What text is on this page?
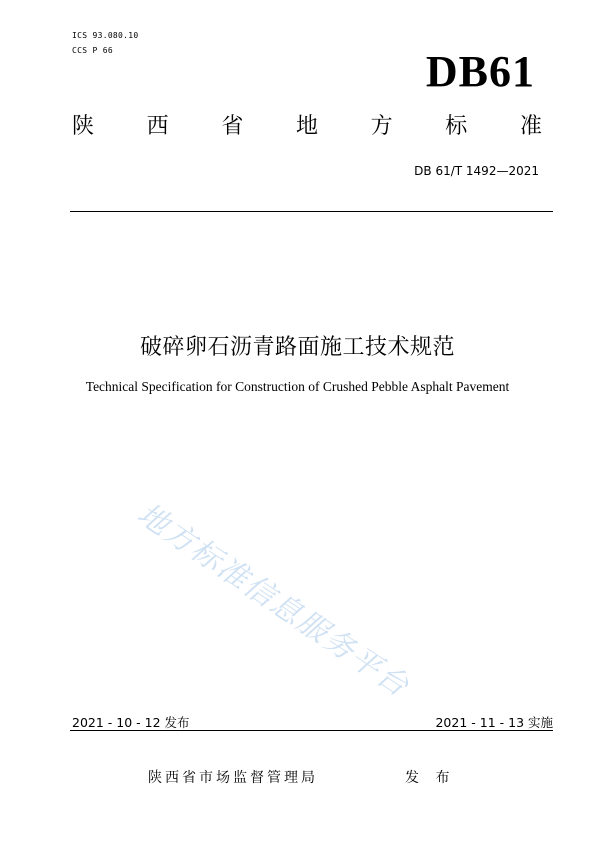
ICS 93.080.10
CCS P 66	DB61
陕 西 省 地 方 标 准
DB 61/T 1492—2021
破碎卵石沥青路面施工技术规范
Technical Specification for Construction of Crushed Pebble Asphalt Pavement
地方标准信息服务平台
2021 - 10 - 12 发布	2021 - 11 - 13 实施
陕西省市场监督管理局	发 布
